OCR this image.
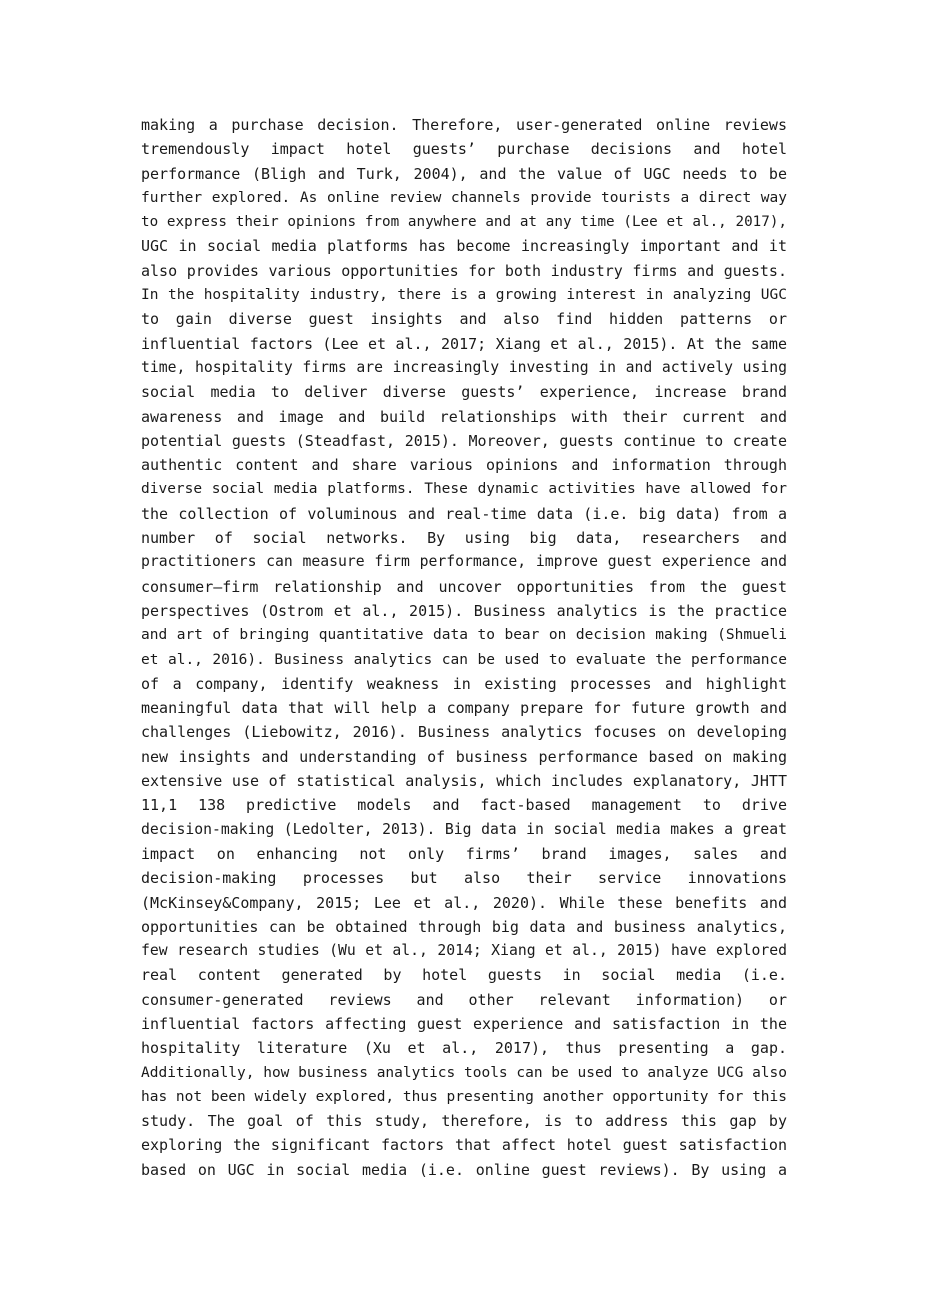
making a purchase decision. Therefore, user-generated online reviews
tremendously impact hotel guests’ purchase decisions and hotel
performance (Bligh and Turk, 2004), and the value of UGC needs to be
further explored. As online review channels provide tourists a direct way
to express their opinions from anywhere and at any time (Lee et al., 2017),
UGC in social media platforms has become increasingly important and it
also provides various opportunities for both industry firms and guests.
In the hospitality industry, there is a growing interest in analyzing UGC
to gain diverse guest insights and also find hidden patterns or
influential factors (Lee et al., 2017; Xiang et al., 2015). At the same
time, hospitality firms are increasingly investing in and actively using
social media to deliver diverse guests’ experience, increase brand
awareness and image and build relationships with their current and
potential guests (Steadfast, 2015). Moreover, guests continue to create
authentic content and share various opinions and information through
diverse social media platforms. These dynamic activities have allowed for
the collection of voluminous and real-time data (i.e. big data) from a
number of social networks. By using big data, researchers and
practitioners can measure firm performance, improve guest experience and
consumer–firm relationship and uncover opportunities from the guest
perspectives (Ostrom et al., 2015). Business analytics is the practice
and art of bringing quantitative data to bear on decision making (Shmueli
et al., 2016). Business analytics can be used to evaluate the performance
of a company, identify weakness in existing processes and highlight
meaningful data that will help a company prepare for future growth and
challenges (Liebowitz, 2016). Business analytics focuses on developing
new insights and understanding of business performance based on making
extensive use of statistical analysis, which includes explanatory, JHTT
11,1 138 predictive models and fact-based management to drive
decision-making (Ledolter, 2013). Big data in social media makes a great
impact on enhancing not only firms’ brand images, sales and
decision-making processes but also their service innovations
(McKinsey&Company, 2015; Lee et al., 2020). While these benefits and
opportunities can be obtained through big data and business analytics,
few research studies (Wu et al., 2014; Xiang et al., 2015) have explored
real content generated by hotel guests in social media (i.e.
consumer-generated reviews and other relevant information) or
influential factors affecting guest experience and satisfaction in the
hospitality literature (Xu et al., 2017), thus presenting a gap.
Additionally, how business analytics tools can be used to analyze UCG also
has not been widely explored, thus presenting another opportunity for this
study. The goal of this study, therefore, is to address this gap by
exploring the significant factors that affect hotel guest satisfaction
based on UGC in social media (i.e. online guest reviews). By using a
